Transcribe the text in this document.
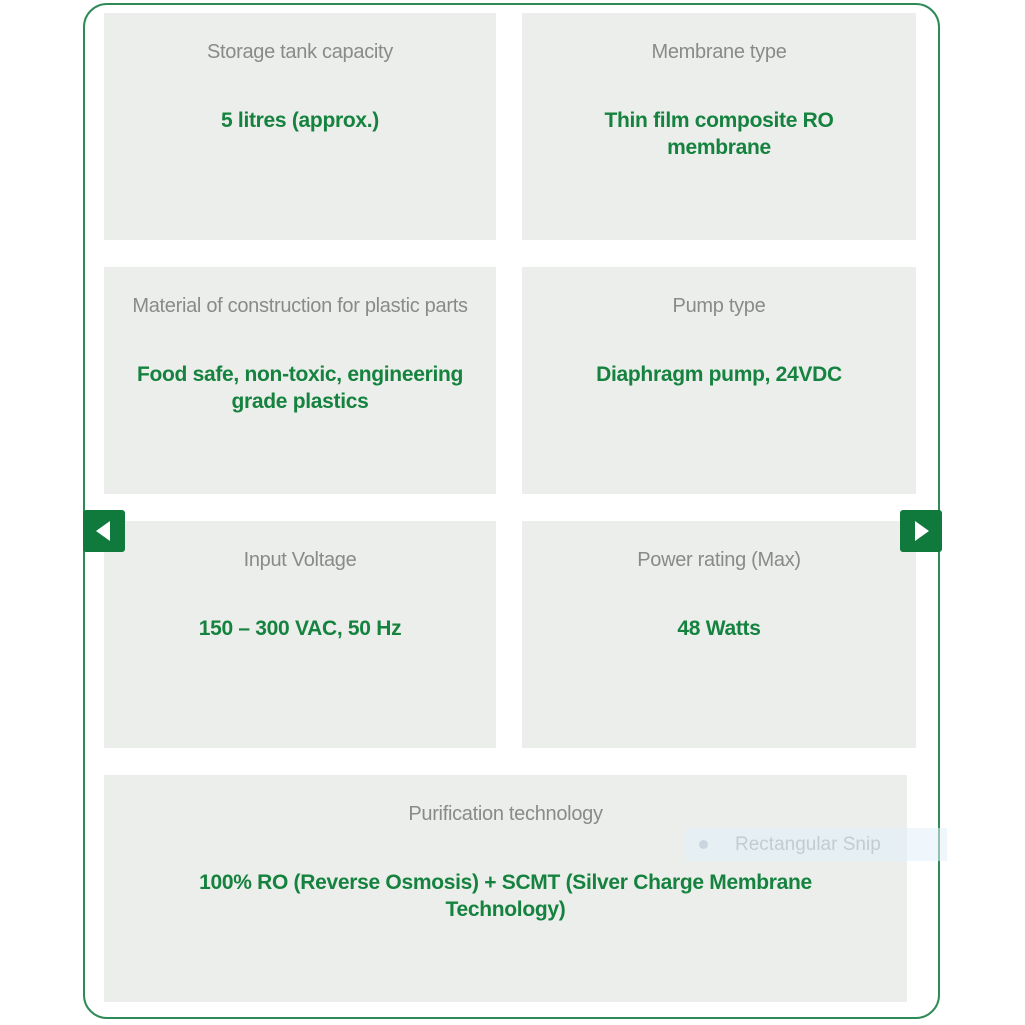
Storage tank capacity
5 litres (approx.)
Membrane type
Thin film composite RO membrane
Material of construction for plastic parts
Food safe, non-toxic, engineering grade plastics
Pump type
Diaphragm pump, 24VDC
Input Voltage
150 – 300 VAC, 50 Hz
Power rating (Max)
48 Watts
Purification technology
100% RO (Reverse Osmosis) + SCMT (Silver Charge Membrane Technology)
Rectangular Snip
